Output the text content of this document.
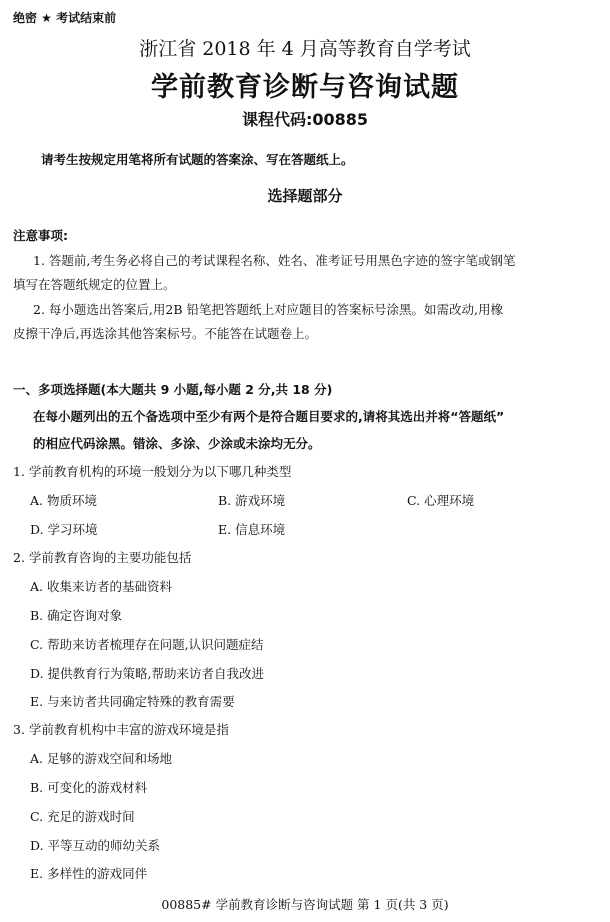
绝密 ★ 考试结束前
浙江省 2018 年 4 月高等教育自学考试
学前教育诊断与咨询试题
课程代码:00885
请考生按规定用笔将所有试题的答案涂、写在答题纸上。
选择题部分
注意事项:
1. 答题前,考生务必将自己的考试课程名称、姓名、准考证号用黑色字迹的签字笔或钢笔
填写在答题纸规定的位置上。
2. 每小题选出答案后,用2B 铅笔把答题纸上对应题目的答案标号涂黑。如需改动,用橡
皮擦干净后,再选涂其他答案标号。不能答在试题卷上。
一、多项选择题(本大题共 9 小题,每小题 2 分,共 18 分)
在每小题列出的五个备选项中至少有两个是符合题目要求的,请将其选出并将“答题纸”
的相应代码涂黑。错涂、多涂、少涂或未涂均无分。
1. 学前教育机构的环境一般划分为以下哪几种类型
A. 物质环境	B. 游戏环境	C. 心理环境
D. 学习环境	E. 信息环境
2. 学前教育咨询的主要功能包括
A. 收集来访者的基础资料
B. 确定咨询对象
C. 帮助来访者梳理存在问题,认识问题症结
D. 提供教育行为策略,帮助来访者自我改进
E. 与来访者共同确定特殊的教育需要
3. 学前教育机构中丰富的游戏环境是指
A. 足够的游戏空间和场地
B. 可变化的游戏材料
C. 充足的游戏时间
D. 平等互动的师幼关系
E. 多样性的游戏同伴
00885# 学前教育诊断与咨询试题 第 1 页(共 3 页)
